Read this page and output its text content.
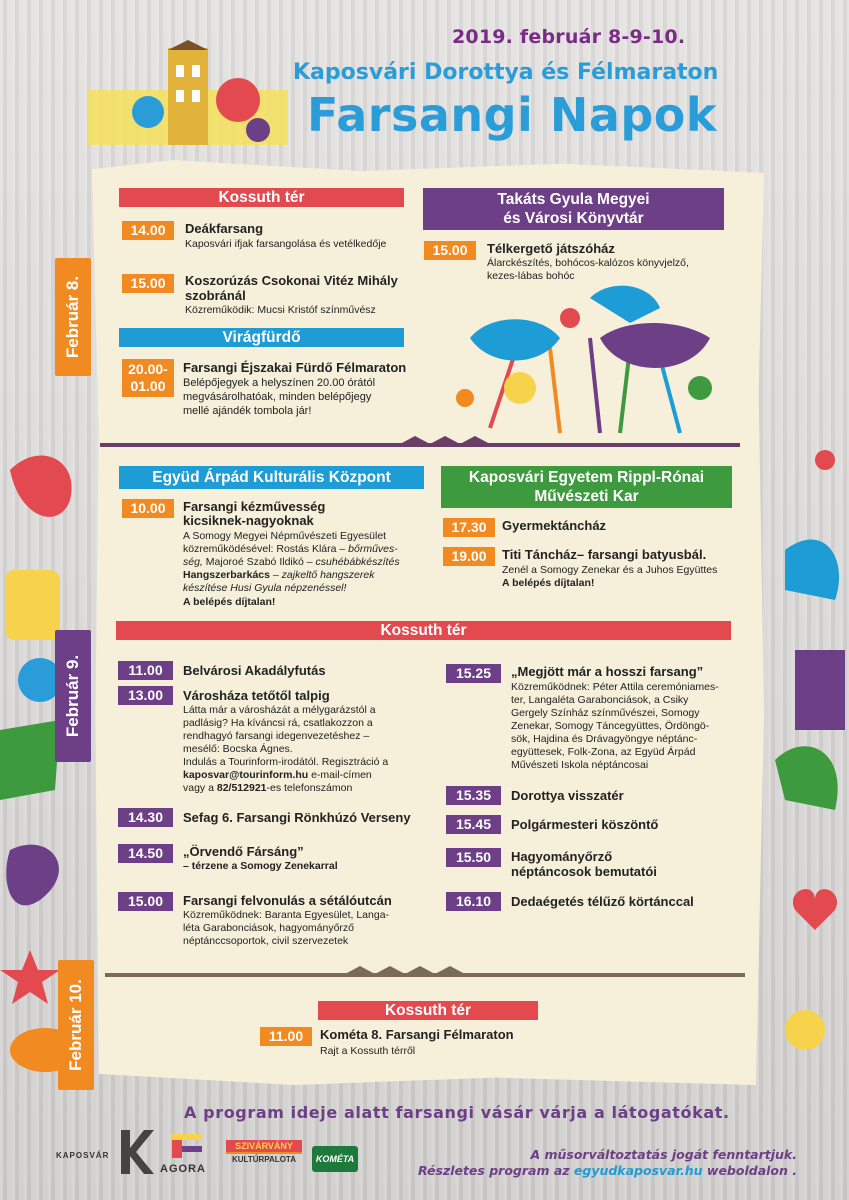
2019. február 8-9-10.
Kaposvári Dorottya és Félmaraton
Farsangi Napok
Február 8.
Kossuth tér
14.00	Deákfarsang
Kaposvári ifjak farsangolása és vetélkedője
15.00	Koszorúzás Csokonai Vitéz Mihály
szobránál
Közreműködik: Mucsi Kristóf színművész
Virágfürdő
20.00-
01.00
Farsangi Éjszakai Fürdő Félmaraton
Belépőjegyek a helyszínen 20.00 órától
megvásárolhatóak, minden belépőjegy
mellé ajándék tombola jár!
Takáts Gyula Megyei
és Városi Könyvtár
15.00	Télkergető játszóház
Álarckészítés, bohócos-kalózos könyvjelző,
kezes-lábas bohóc
Együd Árpád Kulturális Központ
10.00	Farsangi kézművesség
kicsiknek-nagyoknak
A Somogy Megyei Népművészeti Egyesület
közreműködésével: Rostás Klára – bőrműves-
ség, Majoroé Szabó Ildikó – csuhébábkészítés
Hangszerbarkács – zajkeltő hangszerek
készítése Husi Gyula népzenéssel!
A belépés díjtalan!
Kaposvári Egyetem Rippl-Rónai
Művészeti Kar
17.30	Gyermektáncház
19.00	Titi Táncház– farsangi batyusbál.
Zenél a Somogy Zenekar és a Juhos Együttes
A belépés díjtalan!
Február 9.
Kossuth tér
11.00	Belvárosi Akadályfutás
13.00	Városháza tetőtől talpig
Látta már a városházát a mélygarázstól a
padlásig? Ha kíváncsi rá, csatlakozzon a
rendhagyó farsangi idegenvezetéshez –
mesélő: Bocska Ágnes.
Indulás a Tourinform-irodától. Regisztráció a
kaposvar@tourinform.hu e-mail-címen
vagy a 82/512921-es telefonszámon
14.30	Sefag 6. Farsangi Rönkhúzó Verseny
14.50	„Örvendő Fársáng”
– térzene a Somogy Zenekarral
15.00	Farsangi felvonulás a sétálóutcán
Közreműködnek: Baranta Egyesület, Langa-
léta Garabonciások, hagyományőrző
néptánccsoportok, civil szervezetek
15.25	„Megjött már a hosszi farsang”
Közreműködnek: Péter Attila ceremóniames-
ter, Langaléta Garabonciások, a Csiky
Gergely Színház színművészei, Somogy
Zenekar, Somogy Táncegyüttes, Ördöngö-
sök, Hajdina és Drávagyöngye néptánc-
együttesek, Folk-Zona, az Együd Árpád
Művészeti Iskola néptáncosai
15.35	Dorottya visszatér
15.45	Polgármesteri köszöntő
15.50	Hagyományőrző
néptáncosok bemutatói
16.10	Dedaégetés télűző körtánccal
Február 10.	Kossuth tér
11.00	Kométa 8. Farsangi Félmaraton
Rajt a Kossuth térről
A program ideje alatt farsangi vásár várja a látogatókat.
KAPOSVÁR
AGORA
SZIVÁRVÁNY
KULTÚRPALOTA	KOMÉTA	A műsorváltoztatás jogát fenntartjuk.
Részletes program az egyudkaposvar.hu weboldalon .
